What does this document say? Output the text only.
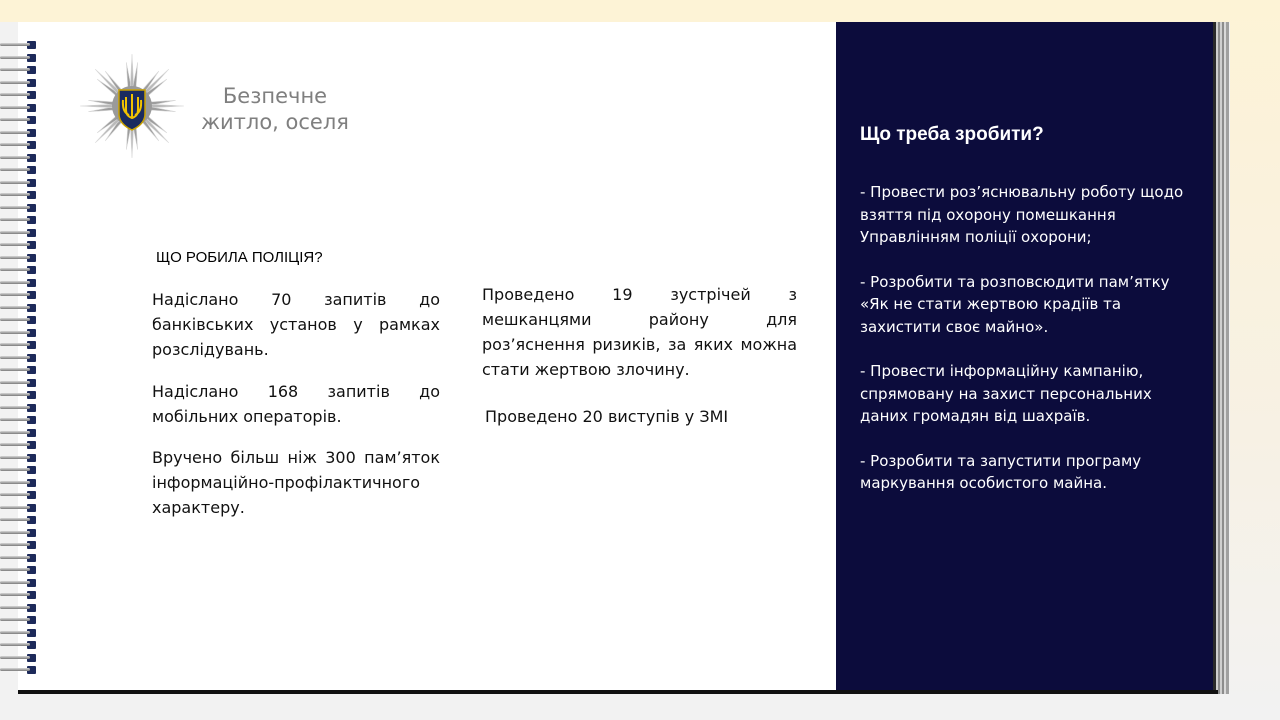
Безпечне
житло, оселя
ЩО РОБИЛА ПОЛІЦІЯ?

Надіслано 70 запитів до банківських установ у рамках розслідувань.

Надіслано 168 запитів до мобільних операторів.

Вручено більш ніж 300 пам’яток інформаційно-профілактичного характеру.

Проведено 19 зустрічей з мешканцями району для роз’яснення ризиків, за яких можна стати жертвою злочину.

Проведено 20 виступів у ЗМІ

Що треба зробити?

- Провести роз’яснювальну роботу щодо взяття під охорону помешкання Управлінням поліції охорони;

- Розробити та розповсюдити пам’ятку «Як не стати жертвою крадіїв та захистити своє майно».

- Провести інформаційну кампанію, спрямовану на захист персональних даних громадян від шахраїв.

- Розробити та запустити програму маркування особистого майна.
